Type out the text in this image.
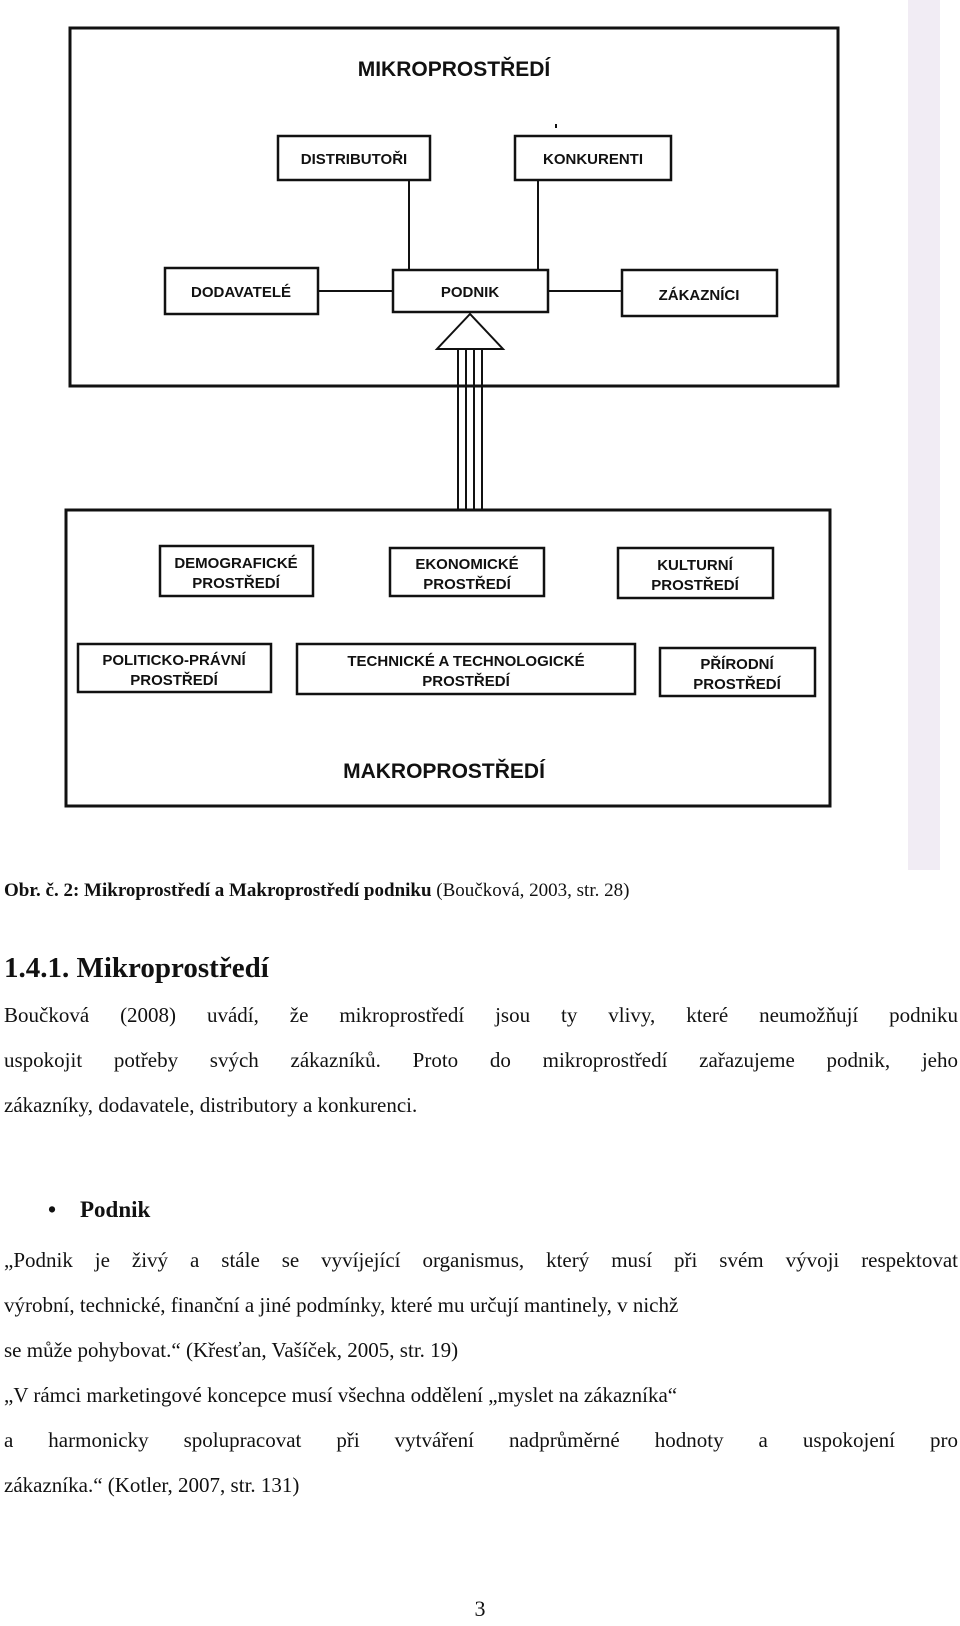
MIKROPROSTŘEDÍ
DISTRIBUTOŘI	KONKURENTI
DODAVATELÉ	PODNIK	ZÁKAZNÍCI
DEMOGRAFICKÉ
PROSTŘEDÍ
EKONOMICKÉ
PROSTŘEDÍ
KULTURNÍ
PROSTŘEDÍ
POLITICKO-PRÁVNÍ
PROSTŘEDÍ
TECHNICKÉ A TECHNOLOGICKÉ
PROSTŘEDÍ
PŘÍRODNÍ
PROSTŘEDÍ
MAKROPROSTŘEDÍ
Obr. č. 2: Mikroprostředí a Makroprostředí podniku (Boučková, 2003, str. 28)
1.4.1. Mikroprostředí
Boučková (2008) uvádí, že mikroprostředí jsou ty vlivy, které neumožňují podniku
uspokojit potřeby svých zákazníků. Proto do mikroprostředí zařazujeme podnik, jeho
zákazníky, dodavatele, distributory a konkurenci.
• Podnik
„Podnik je živý a stále se vyvíjející organismus, který musí při svém vývoji respektovat
výrobní, technické, finanční a jiné podmínky, které mu určují mantinely, v nichž
se může pohybovat.“ (Křesťan, Vašíček, 2005, str. 19)
„V rámci marketingové koncepce musí všechna oddělení „myslet na zákazníka“
a harmonicky spolupracovat při vytváření nadprůměrné hodnoty a uspokojení pro
zákazníka.“ (Kotler, 2007, str. 131)
3
